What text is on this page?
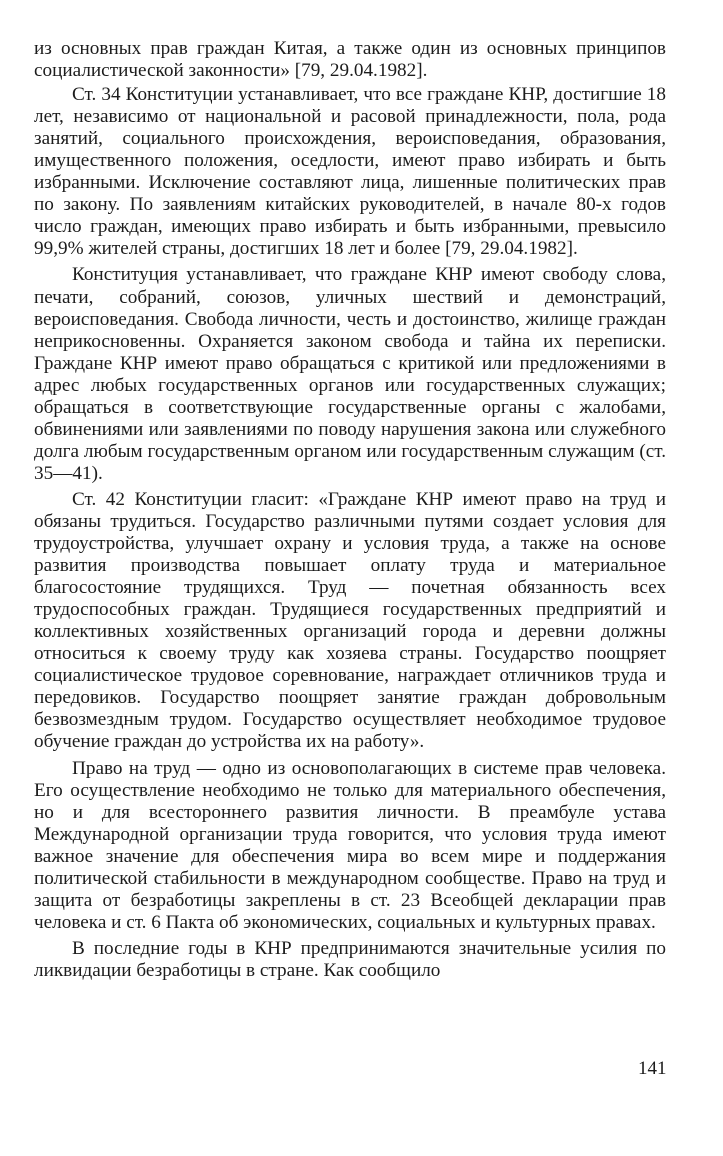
из основных прав граждан Китая, а также один из основных принципов социалистической законности» [79, 29.04.1982].

Ст. 34 Конституции устанавливает, что все граждане КНР, достигшие 18 лет, независимо от национальной и расовой принадлежности, пола, рода занятий, социального происхождения, вероисповедания, образования, имущественного положения, оседлости, имеют право избирать и быть избранными. Исключение составляют лица, лишенные политических прав по закону. По заявлениям китайских руководителей, в начале 80-х годов число граждан, имеющих право избирать и быть избранными, превысило 99,9% жителей страны, достигших 18 лет и более [79, 29.04.1982].

Конституция устанавливает, что граждане КНР имеют свободу слова, печати, собраний, союзов, уличных шествий и демонстраций, вероисповедания. Свобода личности, честь и достоинство, жилище граждан неприкосновенны. Охраняется законом свобода и тайна их переписки. Граждане КНР имеют право обращаться с критикой или предложениями в адрес любых государственных органов или государственных служащих; обращаться в соответствующие государственные органы с жалобами, обвинениями или заявлениями по поводу нарушения закона или служебного долга любым государственным органом или государственным служащим (ст. 35—41).

Ст. 42 Конституции гласит: «Граждане КНР имеют право на труд и обязаны трудиться. Государство различными путями создает условия для трудоустройства, улучшает охрану и условия труда, а также на основе развития производства повышает оплату труда и материальное благосостояние трудящихся. Труд — почетная обязанность всех трудоспособных граждан. Трудящиеся государственных предприятий и коллективных хозяйственных организаций города и деревни должны относиться к своему труду как хозяева страны. Государство поощряет социалистическое трудовое соревнование, награждает отличников труда и передовиков. Государство поощряет занятие граждан добровольным безвозмездным трудом. Государство осуществляет необходимое трудовое обучение граждан до устройства их на работу».

Право на труд — одно из основополагающих в системе прав человека. Его осуществление необходимо не только для материального обеспечения, но и для всестороннего развития личности. В преамбуле устава Международной организации труда говорится, что условия труда имеют важное значение для обеспечения мира во всем мире и поддержания политической стабильности в международном сообществе. Право на труд и защита от безработицы закреплены в ст. 23 Всеобщей декларации прав человека и ст. 6 Пакта об экономических, социальных и культурных правах.

В последние годы в КНР предпринимаются значительные усилия по ликвидации безработицы в стране. Как сообщило

141
